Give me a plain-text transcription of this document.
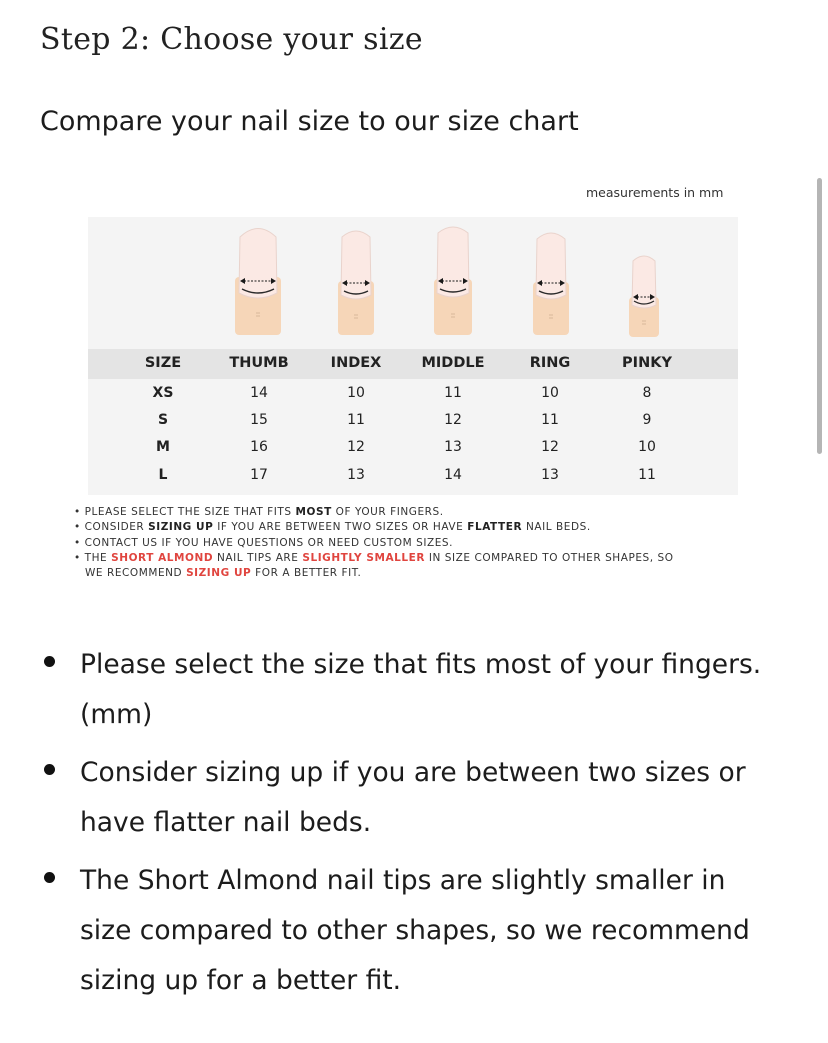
Step 2: Choose your size
Compare your nail size to our size chart
measurements in mm
SIZE	THUMB	INDEX	MIDDLE	RING	PINKY
XS	14	10	11	10	8
S	15	11	12	11	9
M	16	12	13	12	10
L	17	13	14	13	11
• PLEASE SELECT THE SIZE THAT FITS MOST OF YOUR FINGERS.
• CONSIDER SIZING UP IF YOU ARE BETWEEN TWO SIZES OR HAVE FLATTER NAIL BEDS.
• CONTACT US IF YOU HAVE QUESTIONS OR NEED CUSTOM SIZES.
• THE SHORT ALMOND NAIL TIPS ARE SLIGHTLY SMALLER IN SIZE COMPARED TO OTHER SHAPES, SO
WE RECOMMEND SIZING UP FOR A BETTER FIT.
Please select the size that fits most of your fingers.(mm)
Consider sizing up if you are between two sizes or have flatter nail beds.
The Short Almond nail tips are slightly smaller in size compared to other shapes, so we recommend sizing up for a better fit.
